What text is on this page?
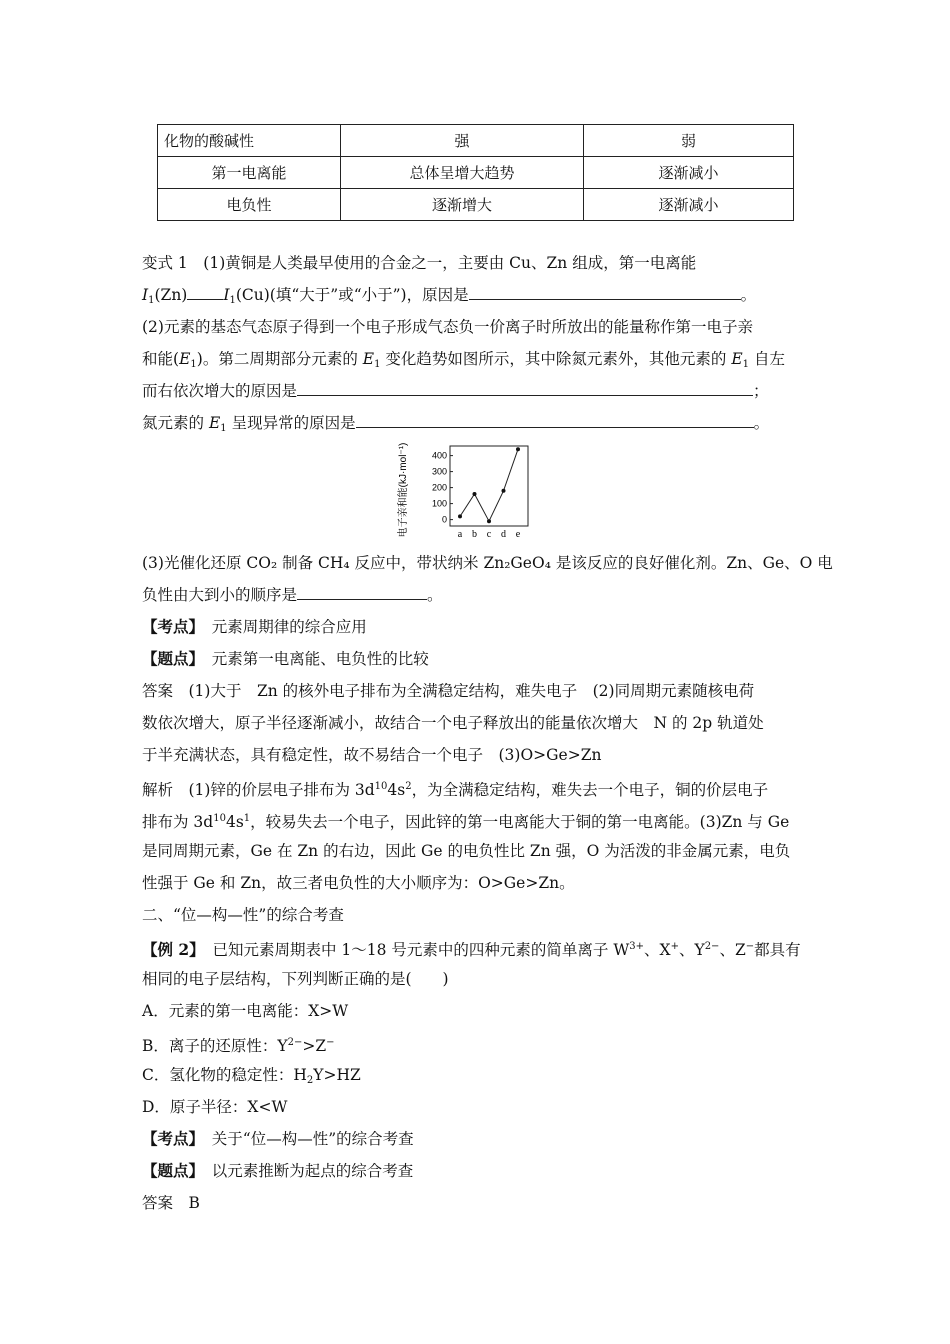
化物的酸碱性	强	弱
第一电离能	总体呈增大趋势	逐渐减小
电负性	逐渐增大	逐渐减小
变式 1　(1)黄铜是人类最早使用的合金之一，主要由 Cu、Zn 组成，第一电离能
$I_1(Zn)$ $I_1(Cu)$(填“大于”或“小于”)，原因是	。
(2)元素的基态气态原子得到一个电子形成气态负一价离子时所放出的能量称作第一电子亲
和能$(E_1)$。第二周期部分元素的 $E_1$ 变化趋势如图所示，其中除氮元素外，其他元素的 $E_1$ 自左
而右依次增大的原因是	；
氮元素的 $E_1$ 呈现异常的原因是	。
电子亲和能(kJ·mol⁻¹)	400
300
200
100
0
a b c d e
(3)光催化还原 CO₂ 制备 CH₄ 反应中，带状纳米 Zn₂GeO₄ 是该反应的良好催化剂。Zn、Ge、O 电
负性由大到小的顺序是	。
【考点】　 元素周期律的综合应用
【题点】　 元素第一电离能、电负性的比较
答案　(1)大于　Zn 的核外电子排布为全满稳定结构，难失电子　(2)同周期元素随核电荷
数依次增大，原子半径逐渐减小，故结合一个电子释放出的能量依次增大　N 的 2p 轨道处
于半充满状态，具有稳定性，故不易结合一个电子　(3)O>Ge>Zn
解析　(1)锌的价层电子排布为 $3d^{10}4s^2$，为全满稳定结构，难失去一个电子，铜的价层电子
排布为 $3d^{10}4s^1$，较易失去一个电子，因此锌的第一电离能大于铜的第一电离能。(3)Zn 与 Ge
是同周期元素，Ge 在 Zn 的右边，因此 Ge 的电负性比 Zn 强，O 为活泼的非金属元素，电负
性强于 Ge 和 Zn，故三者电负性的大小顺序为：O>Ge>Zn。
二、“位—构—性”的综合考查
【例 2】　 已知元素周期表中 1～18 号元素中的四种元素的简单离子 $W^{3+}$、X+、$Y^{2-}$、Z−都具有
相同的电子层结构，下列判断正确的是(　　)
A．元素的第一电离能：X>W
B．离子的还原性：$Y^{2-}>Z^-$
C．氢化物的稳定性：$H_2Y>HZ$
D．原子半径：X<W
【考点】　 关于“位—构—性”的综合考查
【题点】　 以元素推断为起点的综合考查
答案　B
